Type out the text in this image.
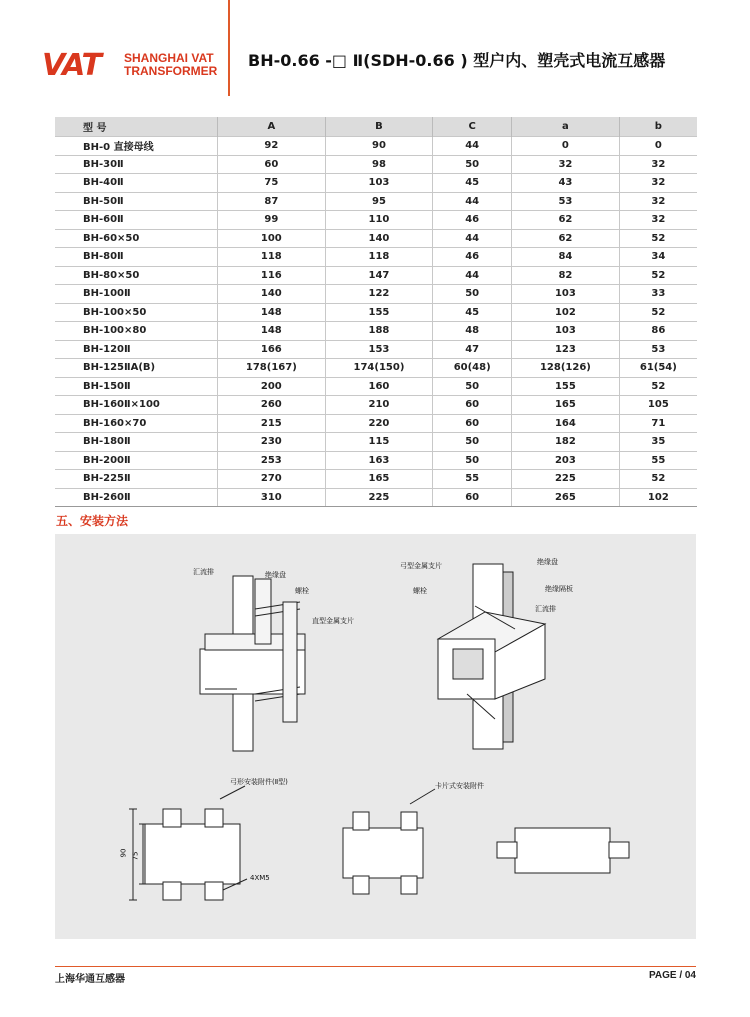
VAT SHANGHAI VAT
TRANSFORMER
BH-0.66 -□ Ⅱ(SDH-0.66 ) 型户内、塑壳式电流互感器
型 号	A	B	C	a	b
BH-0 直接母线	92	90	44	0	0
BH-30Ⅱ	60	98	50	32	32
BH-40Ⅱ	75	103	45	43	32
BH-50Ⅱ	87	95	44	53	32
BH-60Ⅱ	99	110	46	62	32
BH-60×50	100	140	44	62	52
BH-80Ⅱ	118	118	46	84	34
BH-80×50	116	147	44	82	52
BH-100Ⅱ	140	122	50	103	33
BH-100×50	148	155	45	102	52
BH-100×80	148	188	48	103	86
BH-120Ⅱ	166	153	47	123	53
BH-125ⅡA(B)	178(167)	174(150)	60(48)	128(126)	61(54)
BH-150Ⅱ	200	160	50	155	52
BH-160Ⅱ×100	260	210	60	165	105
BH-160×70	215	220	60	164	71
BH-180Ⅱ	230	115	50	182	35
BH-200Ⅱ	253	163	50	203	55
BH-225Ⅱ	270	165	55	225	52
BH-260Ⅱ	310	225	60	265	102
五、安装方法
汇流排	绝缘盘
螺栓
直型金属支片
弓型金属支片	绝缘盘
螺栓	绝缘隔板
汇流排
弓形安装附件(Ⅱ型)
90 75
4XM5
卡片式安装附件
上海华通互感器	PAGE / 04
